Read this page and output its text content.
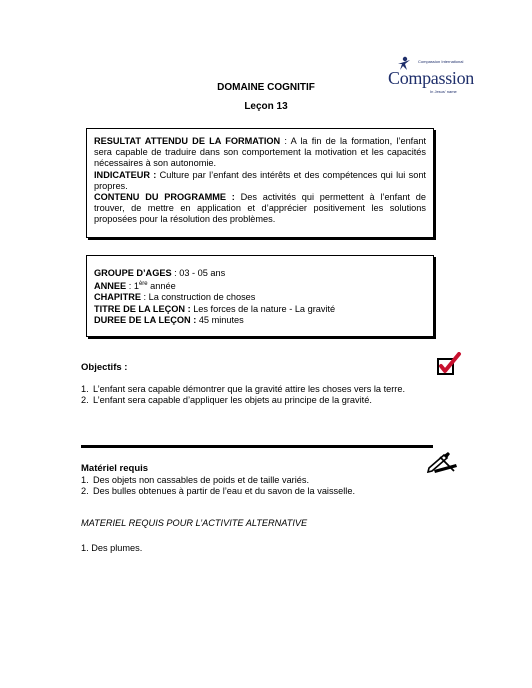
DOMAINE COGNITIF
Leçon 13
Compassion International
Compassion
In Jesus' name

RESULTAT ATTENDU DE LA FORMATION : A la fin de la formation, l’enfant sera capable de traduire dans son comportement la motivation et les capacités nécessaires à son autonomie.

INDICATEUR : Culture par l’enfant des intérêts et des compétences qui lui sont propres.

CONTENU DU PROGRAMME : Des activités qui permettent à l’enfant de trouver, de mettre en application et d’apprécier positivement les solutions proposées pour la résolution des problèmes.

GROUPE D’AGES : 03 - 05 ans

ANNEE : 1ère année

CHAPITRE : La construction de choses

TITRE DE LA LEÇON : Les forces de la nature - La gravité

DUREE DE LA LEÇON : 45 minutes

Objectifs :
1. L’enfant sera capable démontrer que la gravité attire les choses vers la terre.
2. L’enfant sera capable d’appliquer les objets au principe de la gravité.
Matériel requis
1. Des objets non cassables de poids et de taille variés.
2. Des bulles obtenues à partir de l’eau et du savon de la vaisselle.
MATERIEL REQUIS POUR L’ACTIVITE ALTERNATIVE
1. Des plumes.
